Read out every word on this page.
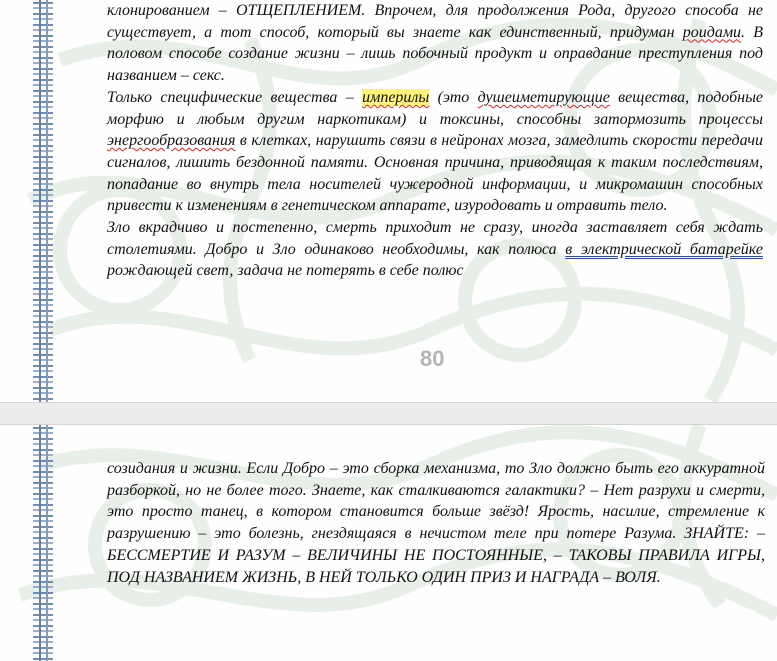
клонированием – ОТЩЕПЛЕНИЕМ. Впрочем, для продолжения Рода, другого способа не существует, а тот способ, который вы знаете как единственный, придуман роидами. В половом способе создание жизни – лишь побочный продукт и оправдание преступления под названием – секс.

Только специфические вещества – империлы (это душеиметирующие вещества, подобные морфию и любым другим наркотикам) и токсины, способны затормозить процессы энергообразования в клетках, нарушить связи в нейронах мозга, замедлить скорости передачи сигналов, лишить бездонной памяти. Основная причина, приводящая к таким последствиям, попадание во внутрь тела носителей чужеродной информации, и микромашин способных привести к изменениям в генетическом аппарате, изуродовать и отравить тело.

Зло вкрадчиво и постепенно, смерть приходит не сразу, иногда заставляет себя ждать столетиями. Добро и Зло одинаково необходимы, как полюса в электрической батарейке рождающей свет, задача не потерять в себе полюс

80

созидания и жизни. Если Добро – это сборка механизма, то Зло должно быть его аккуратной разборкой, но не более того. Знаете, как сталкиваются галактики? – Нет разрухи и смерти, это просто танец, в котором становится больше звёзд! Ярость, насилие, стремление к разрушению – это болезнь, гнездящаяся в нечистом теле при потере Разума. ЗНАЙТЕ: – БЕССМЕРТИЕ И РАЗУМ – ВЕЛИЧИНЫ НЕ ПОСТОЯННЫЕ, – ТАКОВЫ ПРАВИЛА ИГРЫ, ПОД НАЗВАНИЕМ ЖИЗНЬ, В НЕЙ ТОЛЬКО ОДИН ПРИЗ И НАГРАДА – ВОЛЯ.
